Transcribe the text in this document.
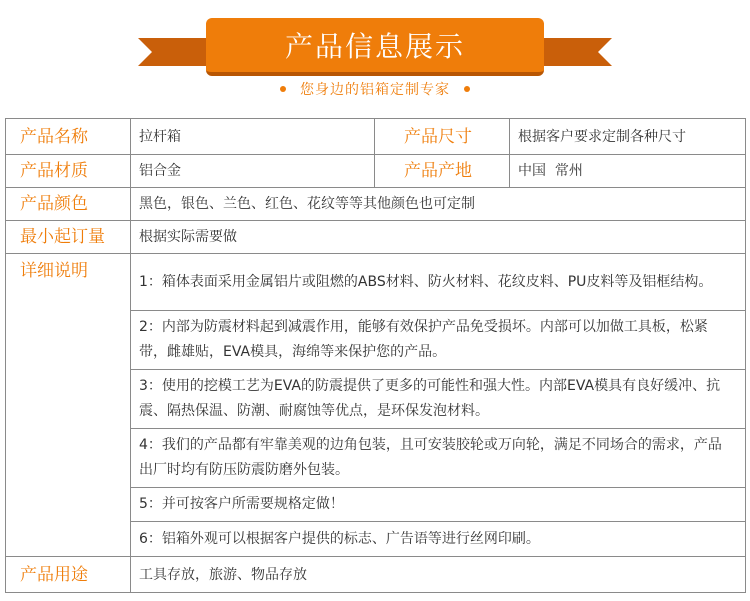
产品信息展示
您身边的铝箱定制专家
产品名称	拉杆箱	产品尺寸	根据客户要求定制各种尺寸
产品材质	铝合金	产品产地	中国  常州
产品颜色	黑色，银色、兰色、红色、花纹等等其他颜色也可定制		
最小起订量	根据实际需要做		
详细说明	1：箱体表面采用金属铝片或阻燃的ABS材料、防火材料、花纹皮料、PU皮料等及铝框结构。		
	2：内部为防震材料起到减震作用，能够有效保护产品免受损坏。内部可以加做工具板，松紧带，雌雄贴，EVA模具，海绵等来保护您的产品。		
	3：使用的挖模工艺为EVA的防震提供了更多的可能性和强大性。内部EVA模具有良好缓冲、抗震、隔热保温、防潮、耐腐蚀等优点，是环保发泡材料。		
	4：我们的产品都有牢靠美观的边角包装，且可安装胶轮或万向轮，满足不同场合的需求，产品出厂时均有防压防震防磨外包装。		
	5：并可按客户所需要规格定做！		
	6：铝箱外观可以根据客户提供的标志、广告语等进行丝网印刷。		
产品用途	工具存放，旅游、物品存放		
